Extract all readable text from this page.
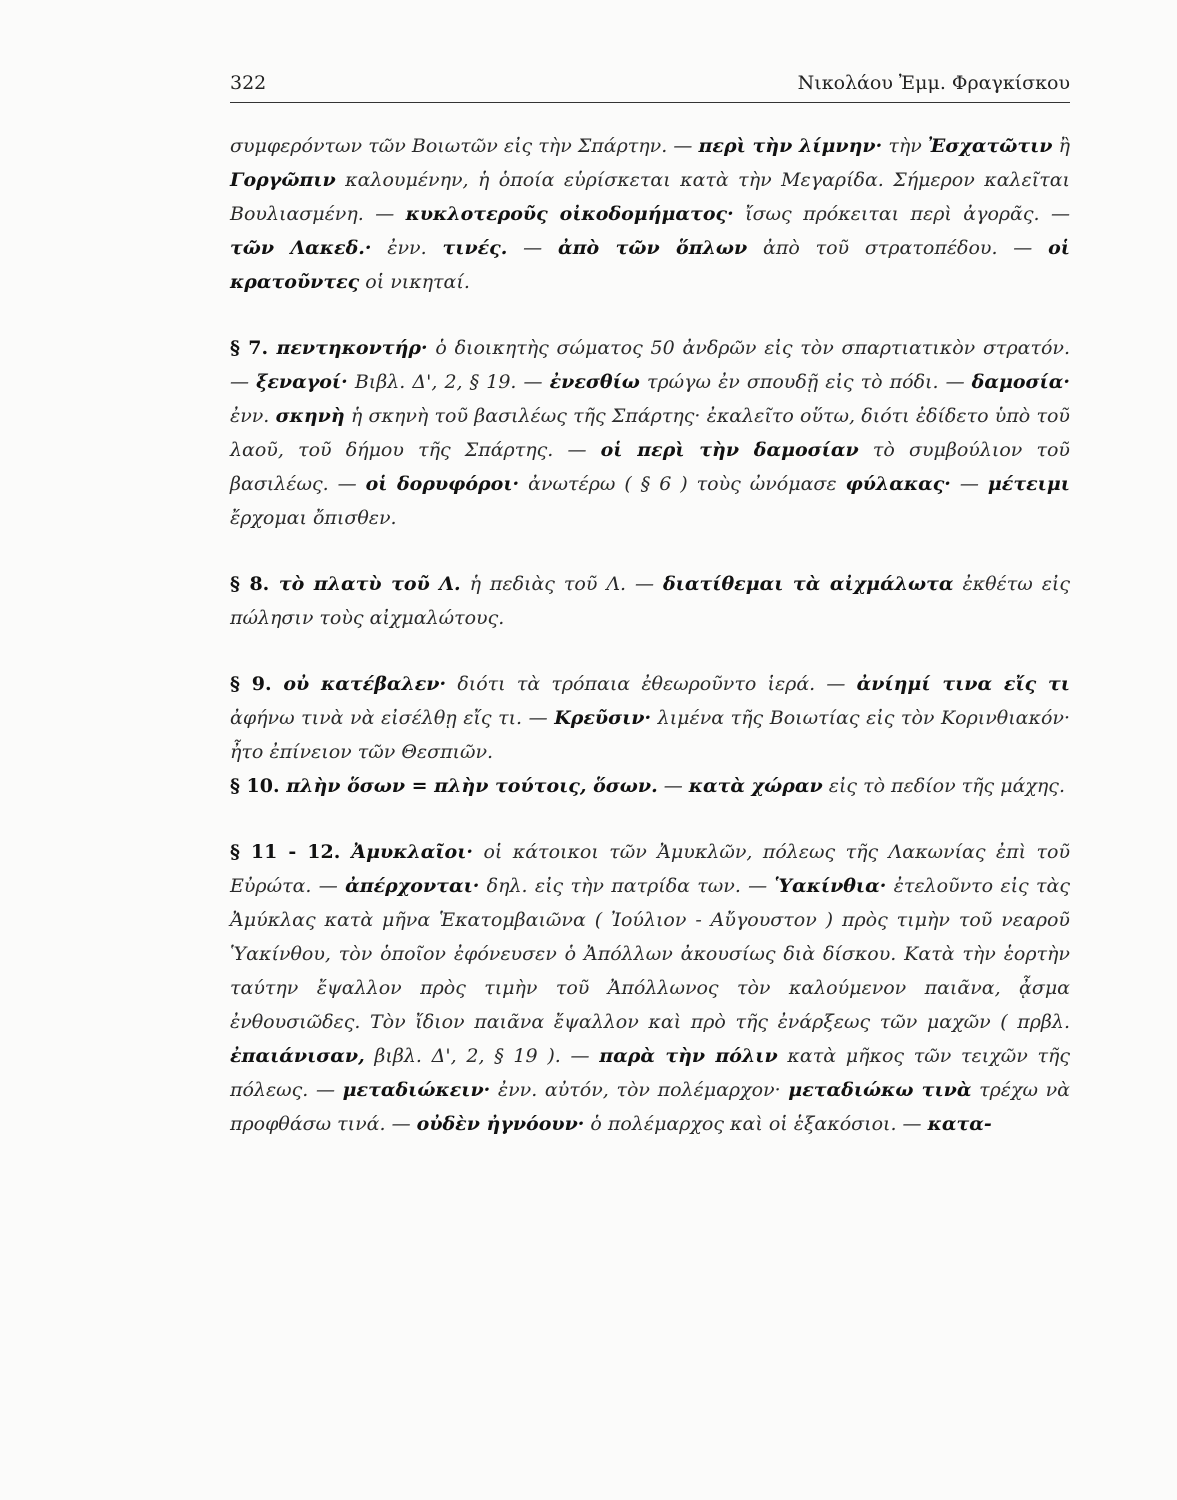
322	Νικολάου Ἐμμ. Φραγκίσκου

συμφερόντων τῶν Βοιωτῶν εἰς τὴν Σπάρτην. — περὶ τὴν λίμνην· τὴν Ἐσχατῶτιν ἢ Γοργῶπιν καλουμένην, ἡ ὁποία εὑρίσκεται κατὰ τὴν Μεγαρίδα. Σήμερον καλεῖται Βουλιασμένη. — κυκλοτεροῦς οἰκοδομήματος· ἴσως πρόκειται περὶ ἀγορᾶς. — τῶν Λακεδ.· ἐνν. τινές. — ἀπὸ τῶν ὅπλων ἀπὸ τοῦ στρατοπέδου. — οἱ κρατοῦντες οἱ νικηταί.

§ 7. πεντηκοντήρ· ὁ διοικητὴς σώματος 50 ἀνδρῶν εἰς τὸν σπαρτιατικὸν στρατόν. — ξεναγοί· Βιβλ. Δ', 2, § 19. — ἐνεσθίω τρώγω ἐν σπουδῇ εἰς τὸ πόδι. — δαμοσία· ἐνν. σκηνὴ ἡ σκηνὴ τοῦ βασιλέως τῆς Σπάρτης· ἐκαλεῖτο οὕτω, διότι ἐδίδετο ὑπὸ τοῦ λαοῦ, τοῦ δήμου τῆς Σπάρτης. — οἱ περὶ τὴν δαμοσίαν τὸ συμβούλιον τοῦ βασιλέως. — οἱ δορυφόροι· ἀνωτέρω ( § 6 ) τοὺς ὠνόμασε φύλακας· — μέτειμι ἔρχομαι ὄπισθεν.

§ 8. τὸ πλατὺ τοῦ Λ. ἡ πεδιὰς τοῦ Λ. — διατίθεμαι τὰ αἰχμάλωτα ἐκθέτω εἰς πώλησιν τοὺς αἰχμαλώτους.

§ 9. οὐ κατέβαλεν· διότι τὰ τρόπαια ἐθεωροῦντο ἱερά. — ἀνίημί τινα εἴς τι ἀφήνω τινὰ νὰ εἰσέλθῃ εἴς τι. — Κρεῦσιν· λιμένα τῆς Βοιωτίας εἰς τὸν Κορινθιακόν· ἦτο ἐπίνειον τῶν Θεσπιῶν.

§ 10. πλὴν ὅσων = πλὴν τούτοις, ὅσων. — κατὰ χώραν εἰς τὸ πεδίον τῆς μάχης.

§ 11 - 12. Ἀμυκλαῖοι· οἱ κάτοικοι τῶν Ἀμυκλῶν, πόλεως τῆς Λακωνίας ἐπὶ τοῦ Εὐρώτα. — ἀπέρχονται· δηλ. εἰς τὴν πατρίδα των. — Ὑακίνθια· ἐτελοῦντο εἰς τὰς Ἀμύκλας κατὰ μῆνα Ἑκατομβαιῶνα ( Ἰούλιον - Αὔγουστον ) πρὸς τιμὴν τοῦ νεαροῦ Ὑακίνθου, τὸν ὁποῖον ἐφόνευσεν ὁ Ἀπόλλων ἀκουσίως διὰ δίσκου. Κατὰ τὴν ἑορτὴν ταύτην ἔψαλλον πρὸς τιμὴν τοῦ Ἀπόλλωνος τὸν καλούμενον παιᾶνα, ᾆσμα ἐνθουσιῶδες. Τὸν ἴδιον παιᾶνα ἔψαλλον καὶ πρὸ τῆς ἐνάρξεως τῶν μαχῶν ( πρβλ. ἐπαιάνισαν, βιβλ. Δ', 2, § 19 ). — παρὰ τὴν πόλιν κατὰ μῆκος τῶν τειχῶν τῆς πόλεως. — μεταδιώκειν· ἐνν. αὐτόν, τὸν πολέμαρχον· μεταδιώκω τινὰ τρέχω νὰ προφθάσω τινά. — οὐδὲν ἠγνόουν· ὁ πολέμαρχος καὶ οἱ ἑξακόσιοι. — κατα-
